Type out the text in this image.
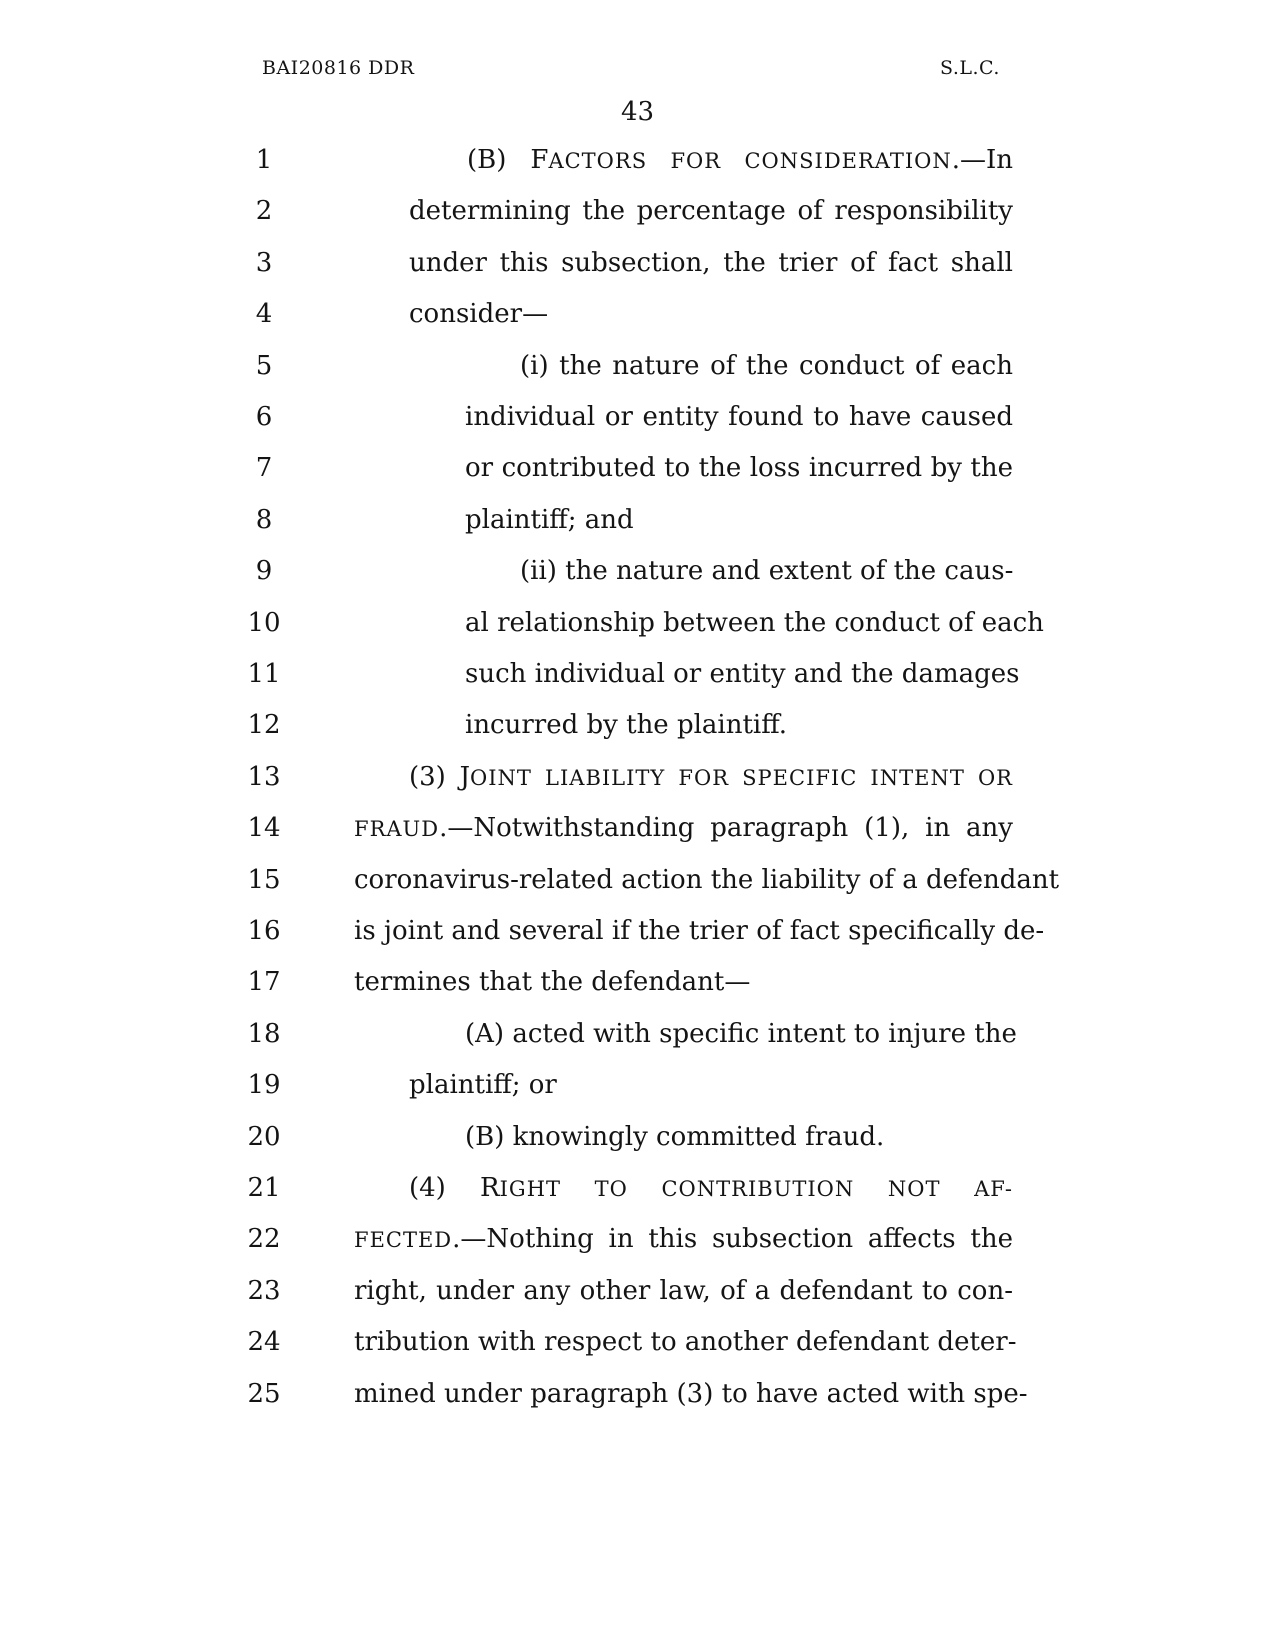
BAI20816 DDR	S.L.C.
43
1	(B) FACTORS FOR CONSIDERATION.—In
2	determining the percentage of responsibility
3	under this subsection, the trier of fact shall
4	consider—
5	(i) the nature of the conduct of each
6	individual or entity found to have caused
7	or contributed to the loss incurred by the
8	plaintiff; and
9	(ii) the nature and extent of the caus-
10	al relationship between the conduct of each
11	such individual or entity and the damages
12	incurred by the plaintiff.
13	(3) JOINT LIABILITY FOR SPECIFIC INTENT OR
14	FRAUD.—Notwithstanding paragraph (1), in any
15	coronavirus-related action the liability of a defendant
16	is joint and several if the trier of fact specifically de-
17	termines that the defendant—
18	(A) acted with specific intent to injure the
19	plaintiff; or
20	(B) knowingly committed fraud.
21	(4) RIGHT TO CONTRIBUTION NOT AF-
22	FECTED.—Nothing in this subsection affects the
23	right, under any other law, of a defendant to con-
24	tribution with respect to another defendant deter-
25	mined under paragraph (3) to have acted with spe-
